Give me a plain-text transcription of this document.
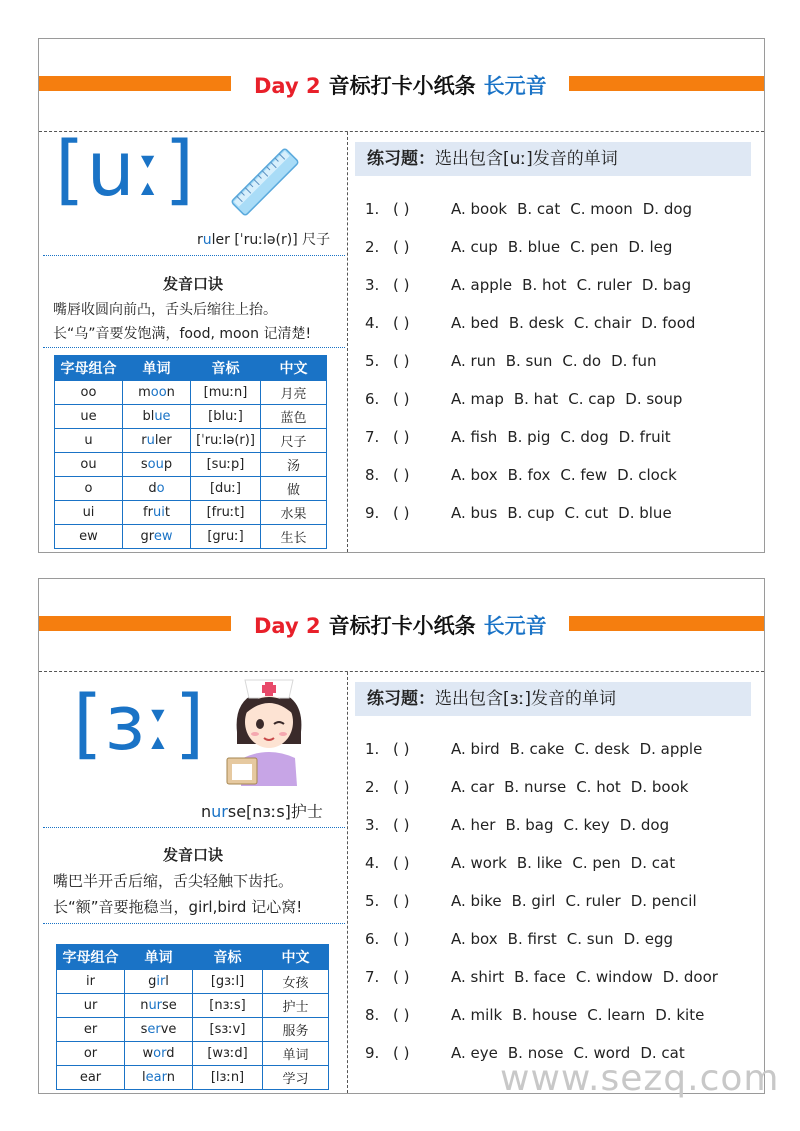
Day 2 音标打卡小纸条 长元音
[uː]
ruler [ˈruːlə(r)] 尺子
发音口诀
嘴唇收圆向前凸，舌头后缩往上抬。
长“乌”音要发饱满，food, moon 记清楚!
字母组合	单词	音标	中文
oo	moon	[muːn]	月亮
ue	blue	[bluː]	蓝色
u	ruler	[ˈruːlə(r)]	尺子
ou	soup	[suːp]	汤
o	do	[duː]	做
ui	fruit	[fruːt]	水果
ew	grew	[gruː]	生长
练习题：选出包含[uː]发音的单词
1. ( )	A. book B. cat C. moon D. dog
2. ( )	A. cup B. blue C. pen D. leg
3. ( )	A. apple B. hot C. ruler D. bag
4. ( )	A. bed B. desk C. chair D. food
5. ( )	A. run B. sun C. do D. fun
6. ( )	A. map B. hat C. cap D. soup
7. ( )	A. fish B. pig C. dog D. fruit
8. ( )	A. box B. fox C. few D. clock
9. ( )	A. bus B. cup C. cut D. blue
Day 2 音标打卡小纸条 长元音
[ɜː]
nurse[nɜːs]护士
发音口诀
嘴巴半开舌后缩，舌尖轻触下齿托。
长“额”音要拖稳当，girl,bird 记心窝!
字母组合	单词	音标	中文
ir	girl	[gɜːl]	女孩
ur	nurse	[nɜːs]	护士
er	serve	[sɜːv]	服务
or	word	[wɜːd]	单词
ear	learn	[lɜːn]	学习
练习题：选出包含[ɜː]发音的单词
1. ( )	A. bird B. cake C. desk D. apple
2. ( )	A. car B. nurse C. hot D. book
3. ( )	A. her B. bag C. key D. dog
4. ( )	A. work B. like C. pen D. cat
5. ( )	A. bike B. girl C. ruler D. pencil
6. ( )	A. box B. first C. sun D. egg
7. ( )	A. shirt B. face C. window D. door
8. ( )	A. milk B. house C. learn D. kite
9. ( )	A. eye B. nose C. word D. cat
www.sezq.com
